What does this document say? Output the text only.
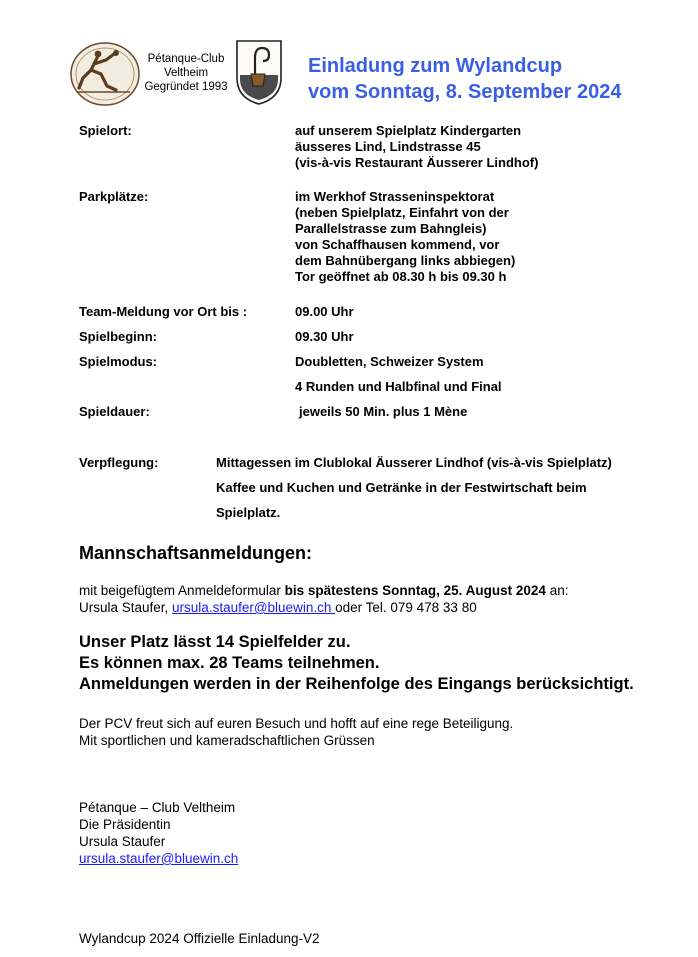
Pétanque-Club
Veltheim
Gegründet 1993
Einladung zum Wylandcup
vom Sonntag, 8. September 2024
Spielort:	auf unserem Spielplatz Kindergarten
äusseres Lind, Lindstrasse 45
(vis-à-vis Restaurant Äusserer Lindhof)
Parkplätze:	im Werkhof Strasseninspektorat
(neben Spielplatz, Einfahrt von der
Parallelstrasse zum Bahngleis)
von Schaffhausen kommend, vor
dem Bahnübergang links abbiegen)
Tor geöffnet ab 08.30 h bis 09.30 h
Team-Meldung vor Ort bis :	09.00 Uhr
Spielbeginn:	09.30 Uhr
Spielmodus:	Doubletten, Schweizer System
4 Runden und Halbfinal und Final
Spieldauer:	jeweils 50 Min. plus 1 Mène
Verpflegung:	Mittagessen im Clublokal Äusserer Lindhof (vis-à-vis Spielplatz)
Kaffee und Kuchen und Getränke in der Festwirtschaft beim
Spielplatz.
Mannschaftsanmeldungen:
mit beigefügtem Anmeldeformular bis spätestens Sonntag, 25. August 2024 an:
Ursula Staufer, ursula.staufer@bluewin.ch oder Tel. 079 478 33 80
Unser Platz lässt 14 Spielfelder zu.
Es können max. 28 Teams teilnehmen.
Anmeldungen werden in der Reihenfolge des Eingangs berücksichtigt.
Der PCV freut sich auf euren Besuch und hofft auf eine rege Beteiligung.
Mit sportlichen und kameradschaftlichen Grüssen
Pétanque – Club Veltheim
Die Präsidentin
Ursula Staufer
ursula.staufer@bluewin.ch
Wylandcup 2024 Offizielle Einladung-V2
